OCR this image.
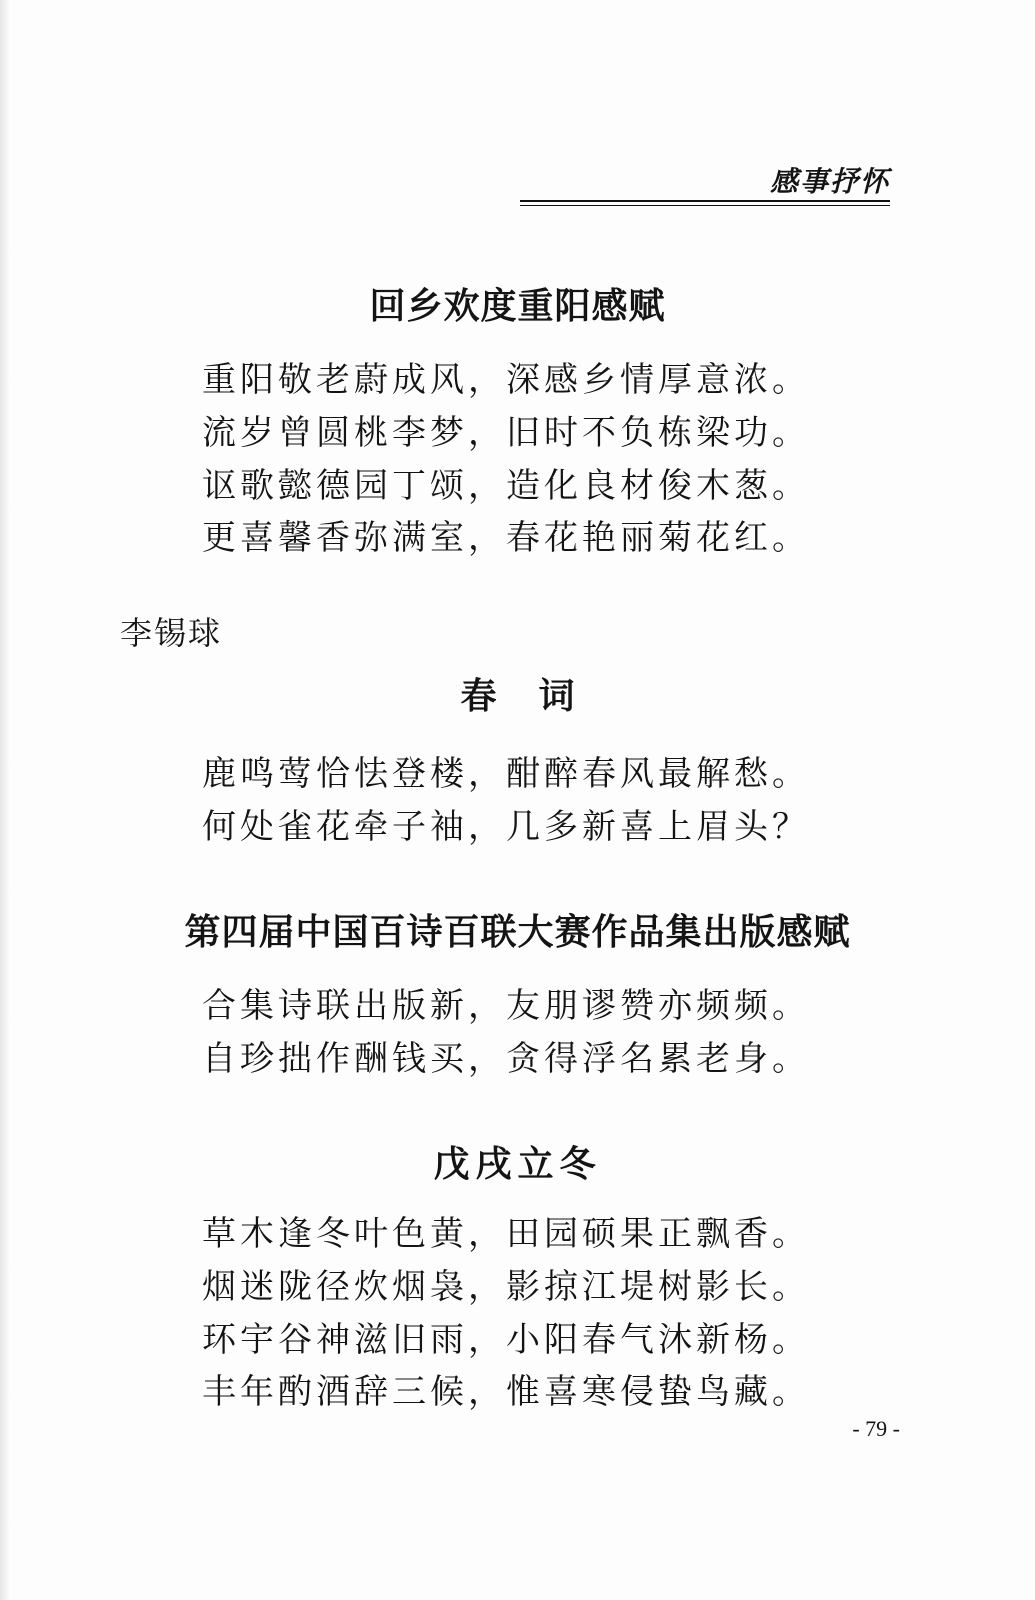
感事抒怀
回乡欢度重阳感赋
重阳敬老蔚成风，深感乡情厚意浓。
流岁曾圆桃李梦，旧时不负栋梁功。
讴歌懿德园丁颂，造化良材俊木葱。
更喜馨香弥满室，春花艳丽菊花红。
李锡球
春词
鹿鸣莺恰怯登楼，酣醉春风最解愁。
何处雀花牵子袖，几多新喜上眉头？
第四届中国百诗百联大赛作品集出版感赋
合集诗联出版新，友朋谬赞亦频频。
自珍拙作酬钱买，贪得浮名累老身。
戊戌立冬
草木逢冬叶色黄，田园硕果正飘香。
烟迷陇径炊烟袅，影掠江堤树影长。
环宇谷神滋旧雨，小阳春气沐新杨。
丰年酌酒辞三候，惟喜寒侵蛰鸟藏。
- 79 -
